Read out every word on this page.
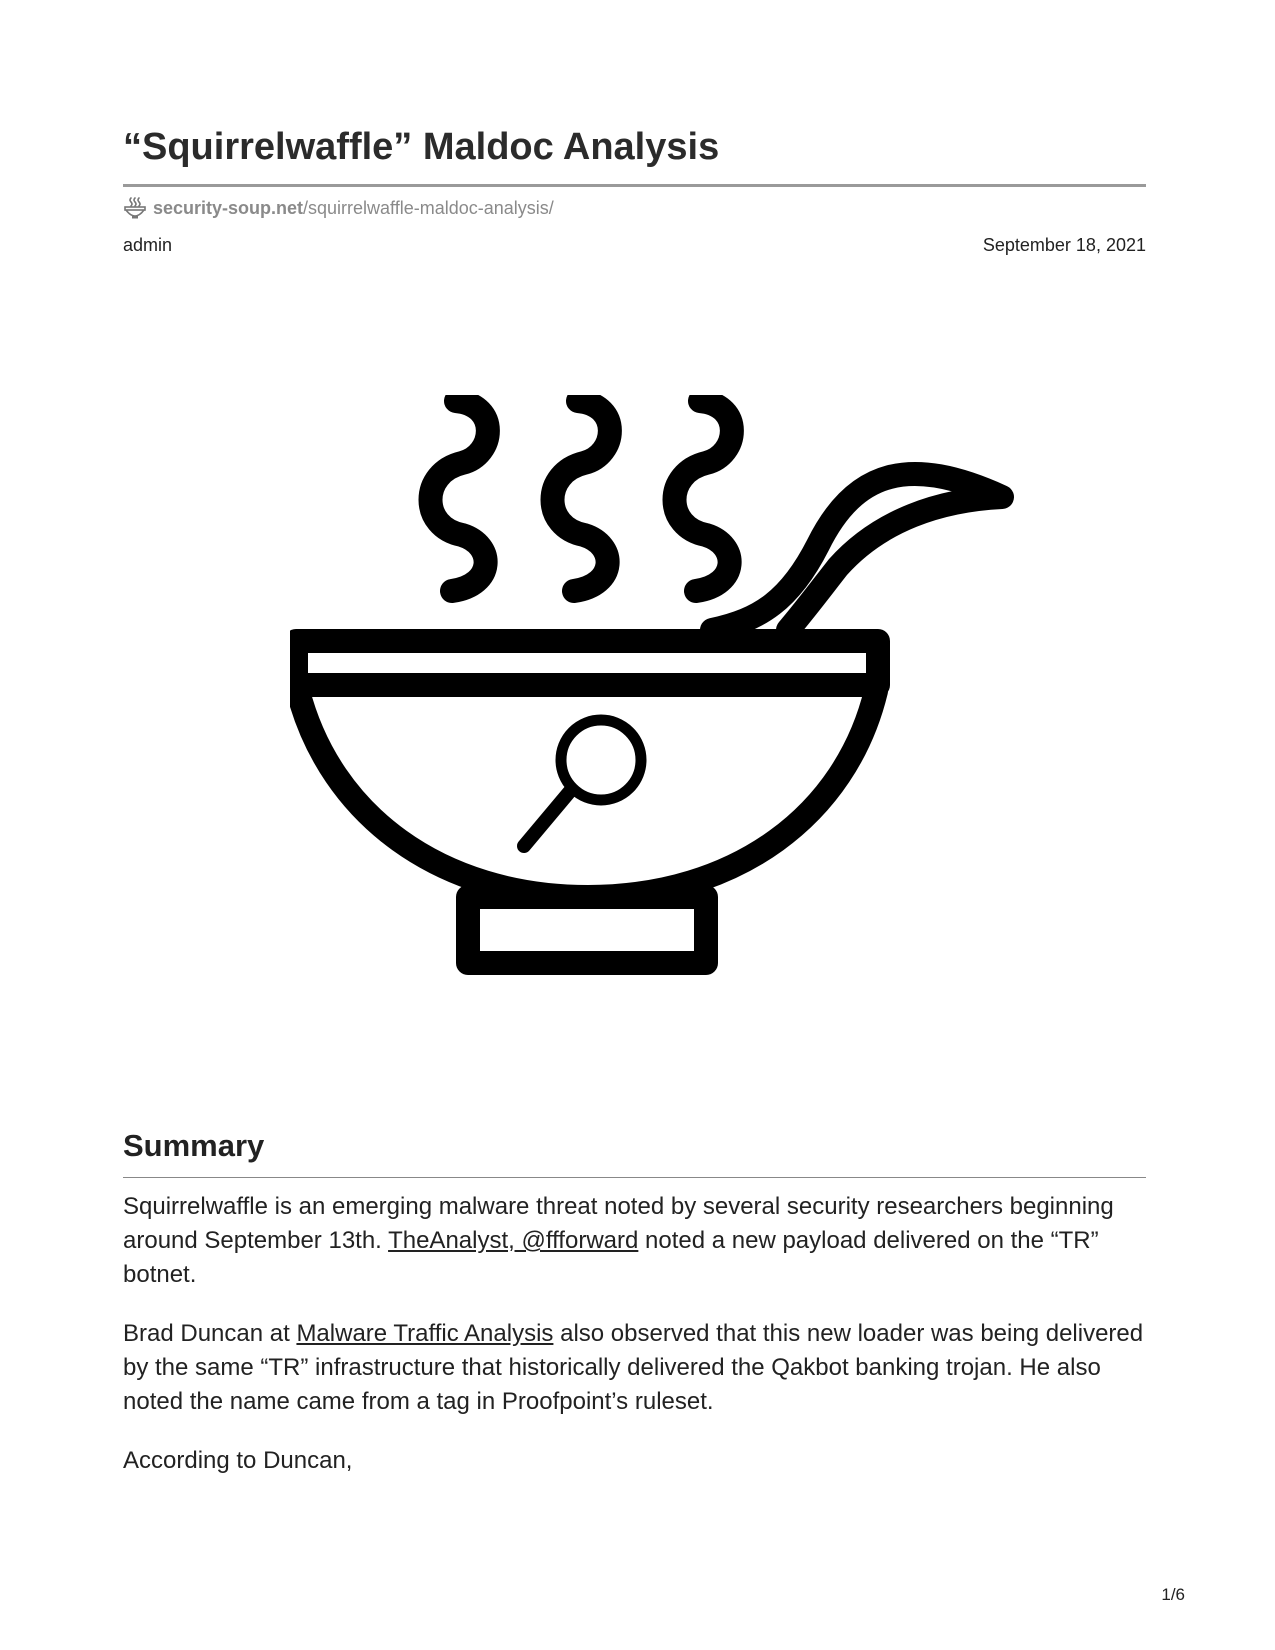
“Squirrelwaffle” Maldoc Analysis
security-soup.net /squirrelwaffle-maldoc-analysis/
admin	September 18, 2021
Summary

Squirrelwaffle is an emerging malware threat noted by several security researchers beginning around September 13th. TheAnalyst, @ffforward noted a new payload delivered on the “TR” botnet.

Brad Duncan at Malware Traffic Analysis also observed that this new loader was being delivered by the same “TR” infrastructure that historically delivered the Qakbot banking trojan. He also noted the name came from a tag in Proofpoint’s ruleset.

According to Duncan,

1/6
